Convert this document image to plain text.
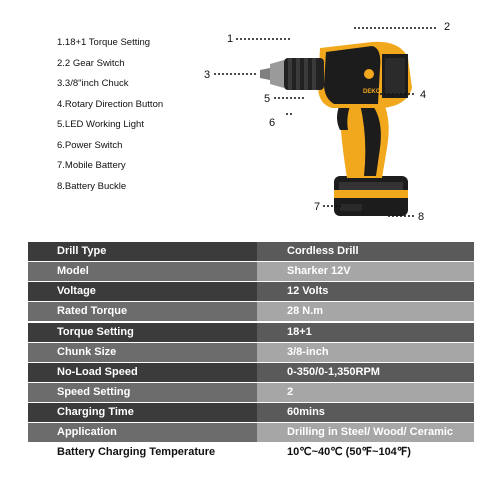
1.18+1 Torque Setting
2.2 Gear Switch
3.3/8"inch Chuck
4.Rotary Direction Button
5.LED Working Light
6.Power Switch
7.Mobile Battery
8.Battery Buckle
DEKO
1
2
3
4
5
6
7
8
Drill Type	Cordless Drill
Model	Sharker 12V
Voltage	12 Volts
Rated Torque	28 N.m
Torque Setting	18+1
Chunk Size	3/8-inch
No-Load Speed	0-350/0-1,350RPM
Speed Setting	2
Charging Time	60mins
Application	Drilling in Steel/ Wood/ Ceramic
Battery Charging Temperature	10℃~40℃ (50℉~104℉)
